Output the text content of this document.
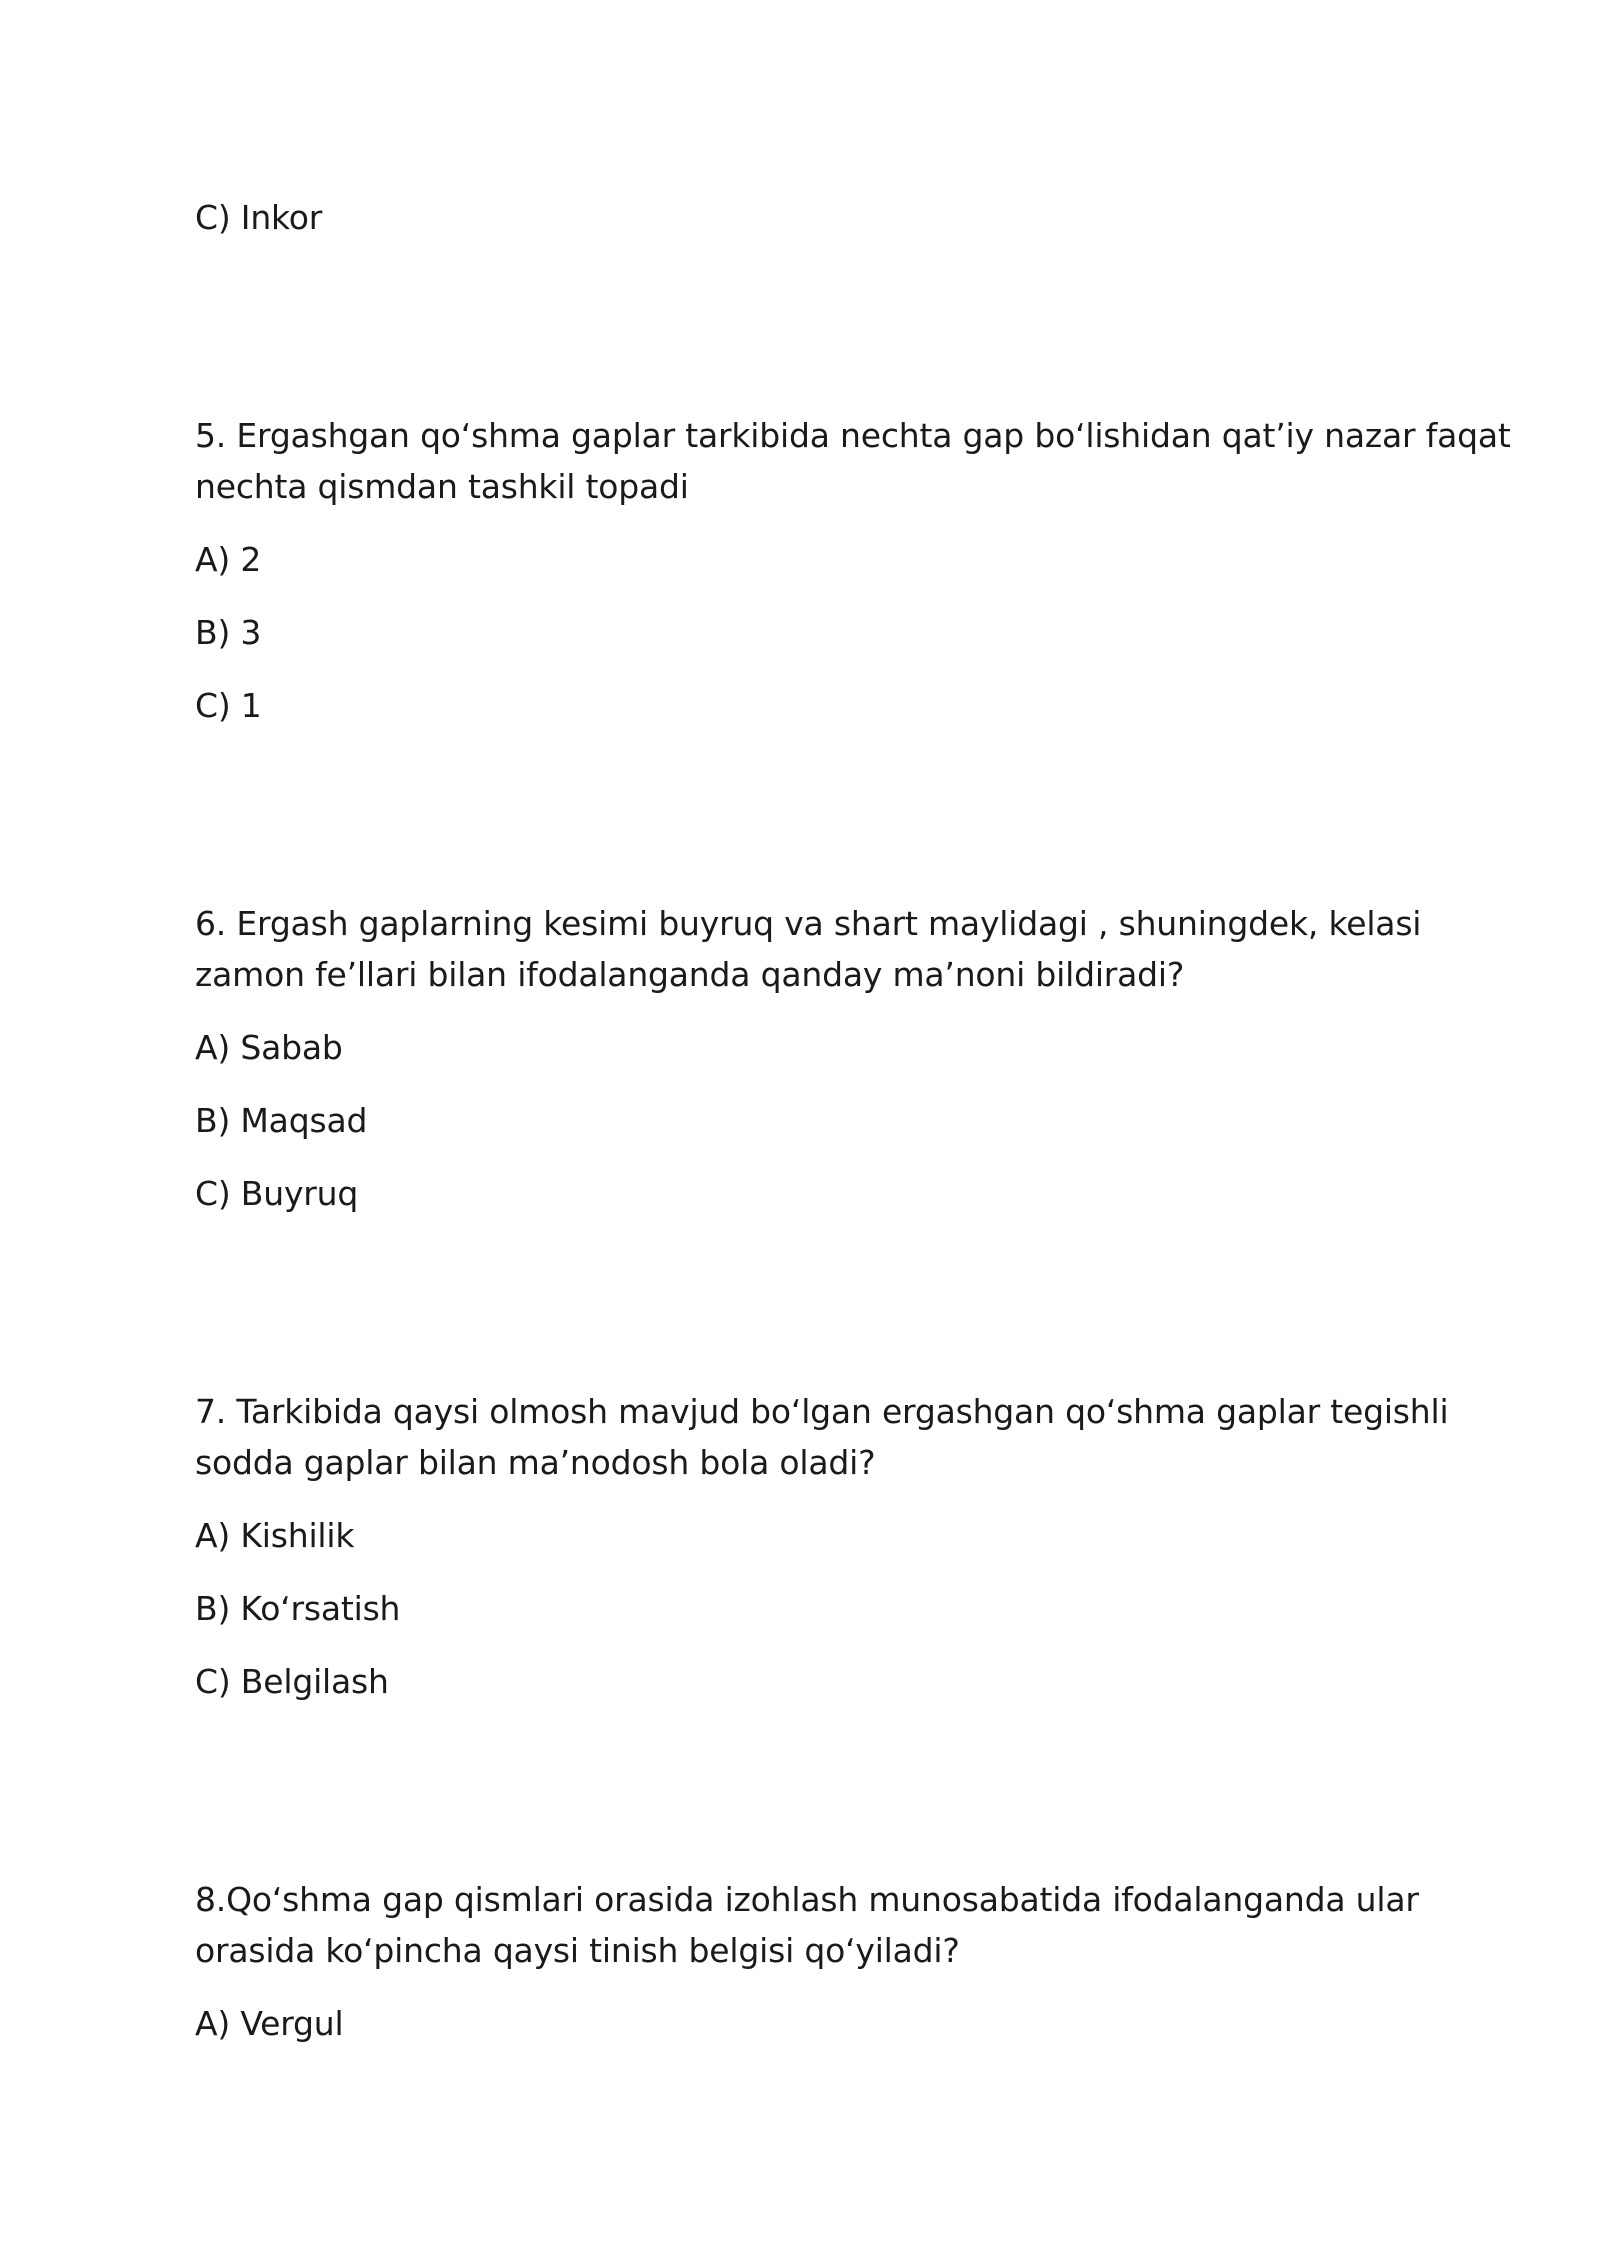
C) Inkor
5. Ergashgan qo‘shma gaplar tarkibida nechta gap bo‘lishidan qat’iy nazar faqat
nechta qismdan tashkil topadi
A) 2
B) 3
C) 1
6. Ergash gaplarning kesimi buyruq va shart maylidagi , shuningdek, kelasi
zamon fe’llari bilan ifodalanganda qanday ma’noni bildiradi?
A) Sabab
B) Maqsad
C) Buyruq
7. Tarkibida qaysi olmosh mavjud bo‘lgan ergashgan qo‘shma gaplar tegishli
sodda gaplar bilan ma’nodosh bola oladi?
A) Kishilik
B) Ko‘rsatish
C) Belgilash
8.Qo‘shma gap qismlari orasida izohlash munosabatida ifodalanganda ular
orasida ko‘pincha qaysi tinish belgisi qo‘yiladi?
A) Vergul
